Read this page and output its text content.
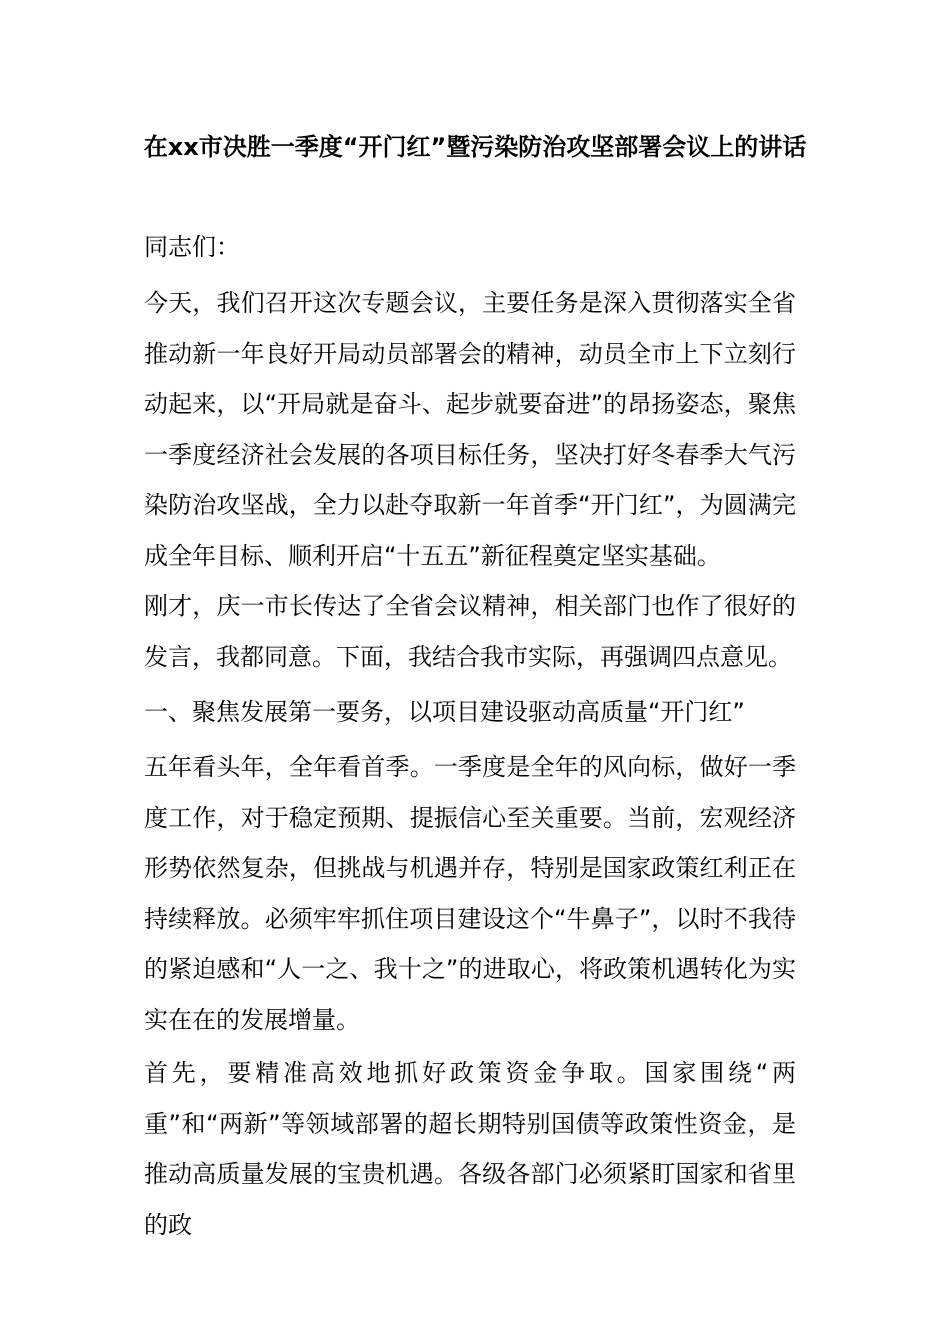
在xx市决胜一季度“开门红”暨污染防治攻坚部署会议上的讲话

同志们：

今天，我们召开这次专题会议，主要任务是深入贯彻落实全省推动新一年良好开局动员部署会的精神，动员全市上下立刻行动起来，以“开局就是奋斗、起步就要奋进”的昂扬姿态，聚焦一季度经济社会发展的各项目标任务，坚决打好冬春季大气污染防治攻坚战，全力以赴夺取新一年首季“开门红”，为圆满完成全年目标、顺利开启“十五五”新征程奠定坚实基础。

刚才，庆一市长传达了全省会议精神，相关部门也作了很好的发言，我都同意。下面，我结合我市实际，再强调四点意见。

一、聚焦发展第一要务，以项目建设驱动高质量“开门红”

五年看头年，全年看首季。一季度是全年的风向标，做好一季度工作，对于稳定预期、提振信心至关重要。当前，宏观经济形势依然复杂，但挑战与机遇并存，特别是国家政策红利正在持续释放。必须牢牢抓住项目建设这个“牛鼻子”，以时不我待的紧迫感和“人一之、我十之”的进取心，将政策机遇转化为实实在在的发展增量。

首先，要精准高效地抓好政策资金争取。国家围绕“两重”和“两新”等领域部署的超长期特别国债等政策性资金，是推动高质量发展的宝贵机遇。各级各部门必须紧盯国家和省里的政
